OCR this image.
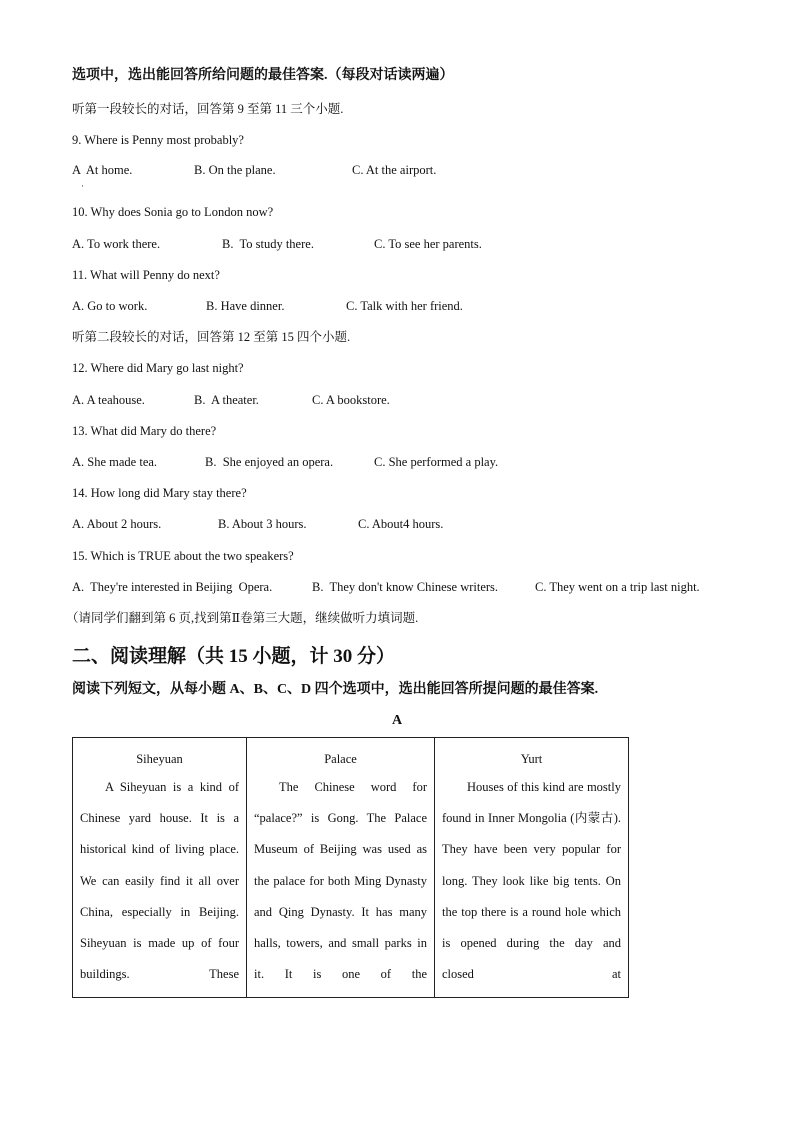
选项中，选出能回答所给问题的最佳答案.（每段对话读两遍）
听第一段较长的对话，回答第 9 至第 11 三个小题.
9. Where is Penny most probably?
A  At home.	B. On the plane.	C. At the airport.
·
10. Why does Sonia go to London now?
A. To work there.	B.  To study there.	C. To see her parents.
11. What will Penny do next?
A. Go to work.	B. Have dinner.	C. Talk with her friend.
听第二段较长的对话，回答第 12 至第 15 四个小题.
12. Where did Mary go last night?
A. A teahouse.	B.  A theater.	C. A bookstore.
13. What did Mary do there?
A. She made tea.	B.  She enjoyed an opera.	C. She performed a play.
14. How long did Mary stay there?
A. About 2 hours.	B. About 3 hours.	C. About4 hours.
15. Which is TRUE about the two speakers?
A.  They're interested in Beijing  Opera.	B.  They don't know Chinese writers.	C. They went on a trip last night.
（请同学们翻到第 6 页,找到第Ⅱ卷第三大题，继续做听力填词题.
二、阅读理解（共 15 小题，计 30 分）
阅读下列短文，从每小题 A、B、C、D 四个选项中，选出能回答所提问题的最佳答案.
A
Siheyuan
A Siheyuan is a kind of Chinese yard house. It is a historical kind of living place. We can easily find it all over China, especially in Beijing. Siheyuan is made up of four buildings. These

Palace
The Chinese word for “palace?” is Gong. The Palace Museum of Beijing was used as the palace for both Ming Dynasty and Qing Dynasty. It has many halls, towers, and small parks in it. It is one of the

Yurt
Houses of this kind are mostly found in Inner Mongolia (内蒙古). They have been very popular for long. They look like big tents. On the top there is a round hole which is opened during the day and closed at
